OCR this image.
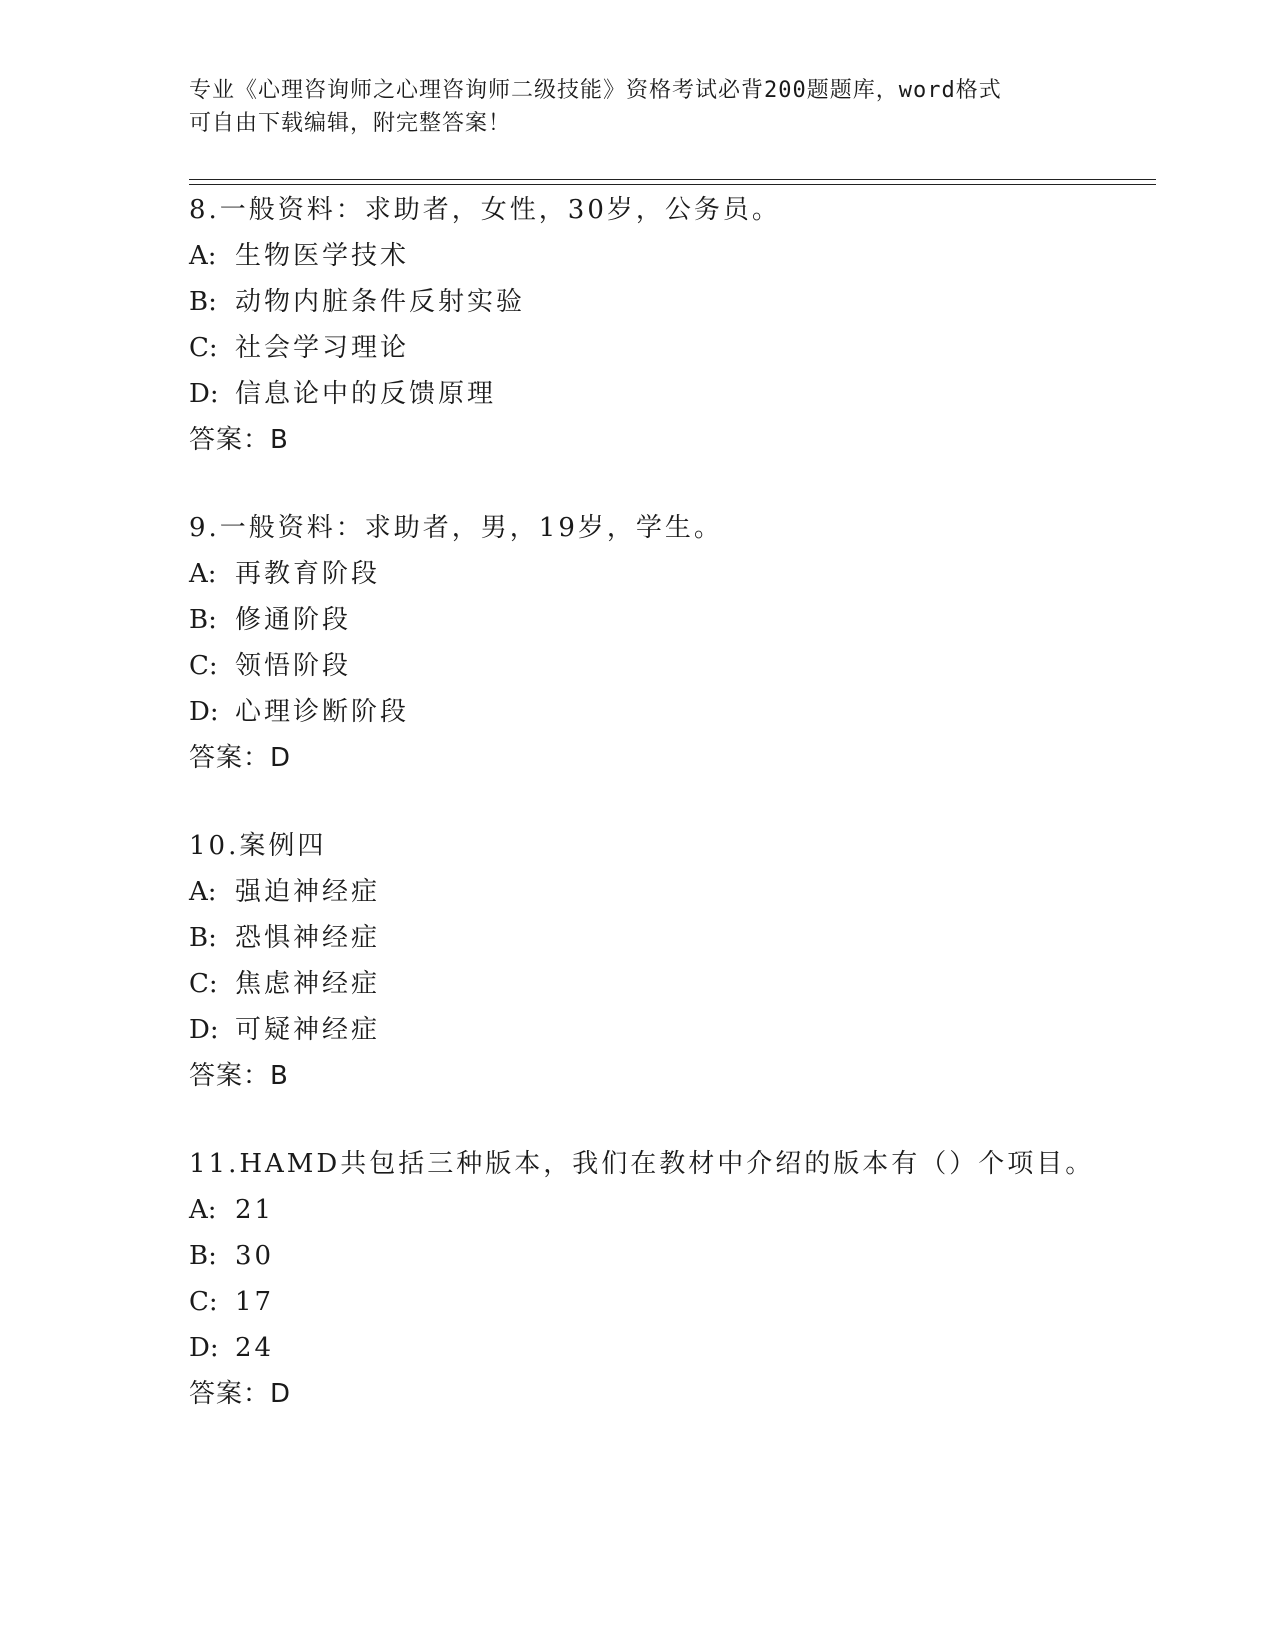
专业《心理咨询师之心理咨询师二级技能》资格考试必背200题题库，word格式
可自由下载编辑，附完整答案！
8.一般资料：求助者，女性，30岁，公务员。
A: 生物医学技术
B: 动物内脏条件反射实验
C: 社会学习理论
D: 信息论中的反馈原理
答案：B
9.一般资料：求助者，男，19岁，学生。
A: 再教育阶段
B: 修通阶段
C: 领悟阶段
D: 心理诊断阶段
答案：D
10.案例四
A: 强迫神经症
B: 恐惧神经症
C: 焦虑神经症
D: 可疑神经症
答案：B
11.HAMD共包括三种版本，我们在教材中介绍的版本有（）个项目。
A: 21
B: 30
C: 17
D: 24
答案：D
